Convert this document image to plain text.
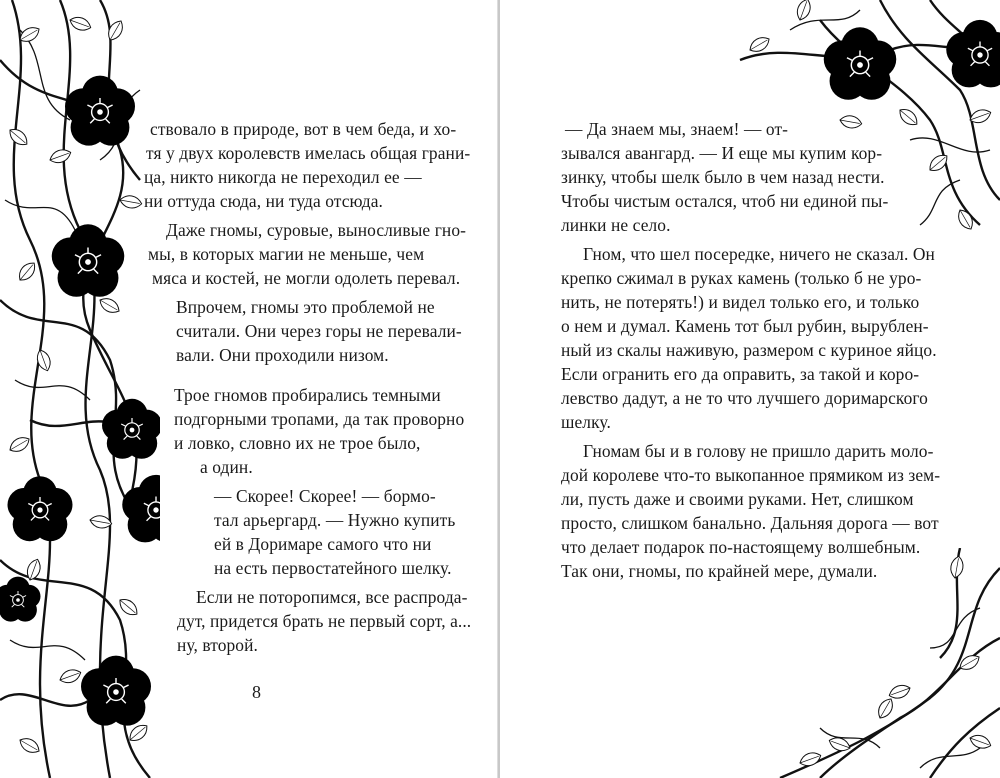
ствовало в природе, вот в чем беда, и хо-
тя у двух королевств имелась общая грани-
ца, никто никогда не переходил ее —
ни оттуда сюда, ни туда отсюда.
Даже гномы, суровые, выносливые гно-
мы, в которых магии не меньше, чем
мяса и костей, не могли одолеть перевал.
Впрочем, гномы это проблемой не
считали. Они через горы не перевали-
вали. Они проходили низом.
Трое гномов пробирались темными
подгорными тропами, да так проворно
и ловко, словно их не трое было,
а один.
— Скорее! Скорее! — бормо-
тал арьергард. — Нужно купить
ей в Доримаре самого что ни
на есть первостатейного шелку.
Если не поторопимся, все распрода-
дут, придется брать не первый сорт, а...
ну, второй.
8
— Да знаем мы, знаем! — от-
зывался авангард. — И еще мы купим кор-
зинку, чтобы шелк было в чем назад нести.
Чтобы чистым остался, чтоб ни единой пы-
линки не село.
Гном, что шел посередке, ничего не сказал. Он
крепко сжимал в руках камень (только б не уро-
нить, не потерять!) и видел только его, и только
о нем и думал. Камень тот был рубин, вырублен-
ный из скалы наживую, размером с куриное яйцо.
Если огранить его да оправить, за такой и коро-
левство дадут, а не то что лучшего доримарского
шелку.
Гномам бы и в голову не пришло дарить моло-
дой королеве что-то выкопанное прямиком из зем-
ли, пусть даже и своими руками. Нет, слишком
просто, слишком банально. Дальняя дорога — вот
что делает подарок по-настоящему волшебным.
Так они, гномы, по крайней мере, думали.
